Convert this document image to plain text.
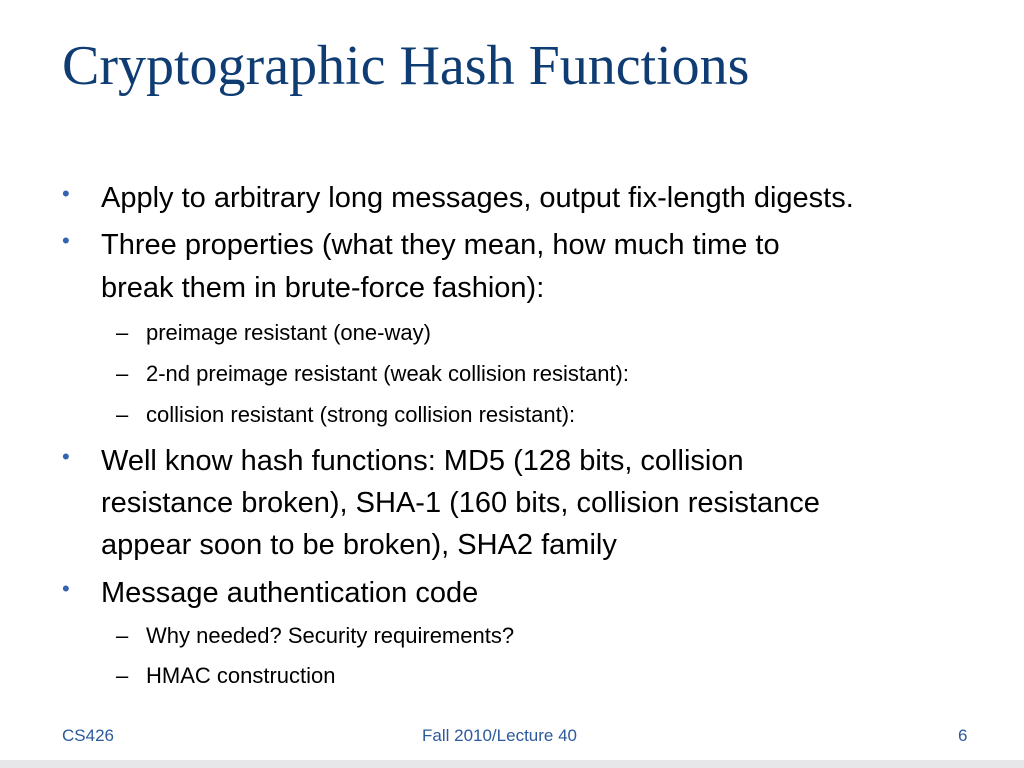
Cryptographic Hash Functions
• Apply to arbitrary long messages, output fix-length digests.
• Three properties (what they mean, how much time to
break them in brute-force fashion):
– preimage resistant (one-way)
– 2-nd preimage resistant (weak collision resistant):
– collision resistant (strong collision resistant):
• Well know hash functions: MD5 (128 bits, collision
resistance broken), SHA-1 (160 bits, collision resistance
appear soon to be broken), SHA2 family
• Message authentication code
– Why needed? Security requirements?
– HMAC construction
CS426	Fall 2010/Lecture 40	6
